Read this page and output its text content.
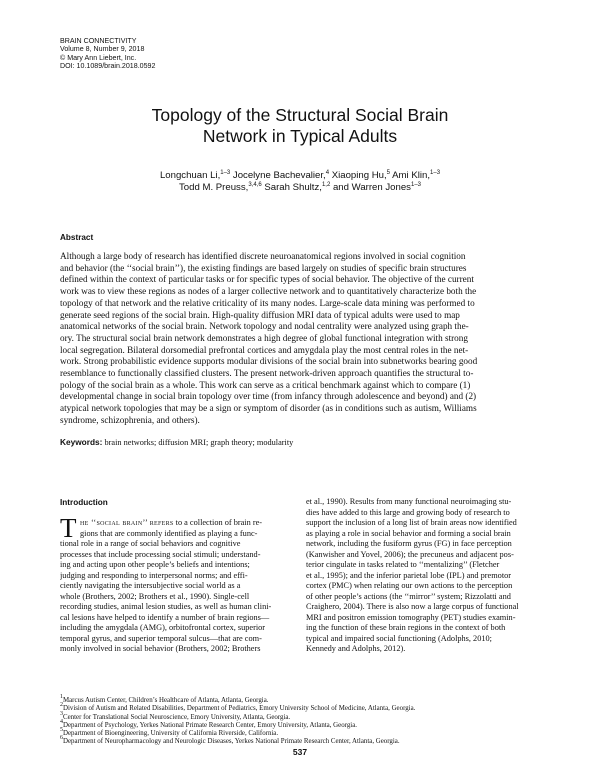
BRAIN CONNECTIVITY
Volume 8, Number 9, 2018
© Mary Ann Liebert, Inc.
DOI: 10.1089/brain.2018.0592
Topology of the Structural Social Brain
Network in Typical Adults
Longchuan Li,$^{1-3}$ Jocelyne Bachevalier,$^4$ Xiaoping Hu,$^5$ Ami Klin,$^{1-3}$
Todd M. Preuss,$^{3,4,6}$ Sarah Shultz,$^{1,2}$ and Warren Jones$^{1-3}$
Abstract
Although a large body of research has identified discrete neuroanatomical regions involved in social cognition
and behavior (the ‘‘social brain’’), the existing findings are based largely on studies of specific brain structures
defined within the context of particular tasks or for specific types of social behavior. The objective of the current
work was to view these regions as nodes of a larger collective network and to quantitatively characterize both the
topology of that network and the relative criticality of its many nodes. Large-scale data mining was performed to
generate seed regions of the social brain. High-quality diffusion MRI data of typical adults were used to map
anatomical networks of the social brain. Network topology and nodal centrality were analyzed using graph the-
ory. The structural social brain network demonstrates a high degree of global functional integration with strong
local segregation. Bilateral dorsomedial prefrontal cortices and amygdala play the most central roles in the net-
work. Strong probabilistic evidence supports modular divisions of the social brain into subnetworks bearing good
resemblance to functionally classified clusters. The present network-driven approach quantifies the structural to-
pology of the social brain as a whole. This work can serve as a critical benchmark against which to compare (1)
developmental change in social brain topology over time (from infancy through adolescence and beyond) and (2)
atypical network topologies that may be a sign or symptom of disorder (as in conditions such as autism, Williams
syndrome, schizophrenia, and others).
Keywords: brain networks; diffusion MRI; graph theory; modularity
Introduction
T he ‘‘social brain’’ refers to a collection of brain re-
gions that are commonly identified as playing a func-
tional role in a range of social behaviors and cognitive
processes that include processing social stimuli; understand-
ing and acting upon other people’s beliefs and intentions;
judging and responding to interpersonal norms; and effi-
ciently navigating the intersubjective social world as a
whole (Brothers, 2002; Brothers et al., 1990). Single-cell
recording studies, animal lesion studies, as well as human clini-
cal lesions have helped to identify a number of brain regions—
including the amygdala (AMG), orbitofrontal cortex, superior
temporal gyrus, and superior temporal sulcus—that are com-
monly involved in social behavior (Brothers, 2002; Brothers
et al., 1990). Results from many functional neuroimaging stu-
dies have added to this large and growing body of research to
support the inclusion of a long list of brain areas now identified
as playing a role in social behavior and forming a social brain
network, including the fusiform gyrus (FG) in face perception
(Kanwisher and Yovel, 2006); the precuneus and adjacent pos-
terior cingulate in tasks related to ‘‘mentalizing’’ (Fletcher
et al., 1995); and the inferior parietal lobe (IPL) and premotor
cortex (PMC) when relating our own actions to the perception
of other people’s actions (the ‘‘mirror’’ system; Rizzolatti and
Craighero, 2004). There is also now a large corpus of functional
MRI and positron emission tomography (PET) studies examin-
ing the function of these brain regions in the context of both
typical and impaired social functioning (Adolphs, 2010;
Kennedy and Adolphs, 2012).
$^1$Marcus Autism Center, Children’s Healthcare of Atlanta, Atlanta, Georgia.
$^2$Division of Autism and Related Disabilities, Department of Pediatrics, Emory University School of Medicine, Atlanta, Georgia.
$^3$Center for Translational Social Neuroscience, Emory University, Atlanta, Georgia.
$^4$Department of Psychology, Yerkes National Primate Research Center, Emory University, Atlanta, Georgia.
$^5$Department of Bioengineering, University of California Riverside, California.
$^6$Department of Neuropharmacology and Neurologic Diseases, Yerkes National Primate Research Center, Atlanta, Georgia.
537
